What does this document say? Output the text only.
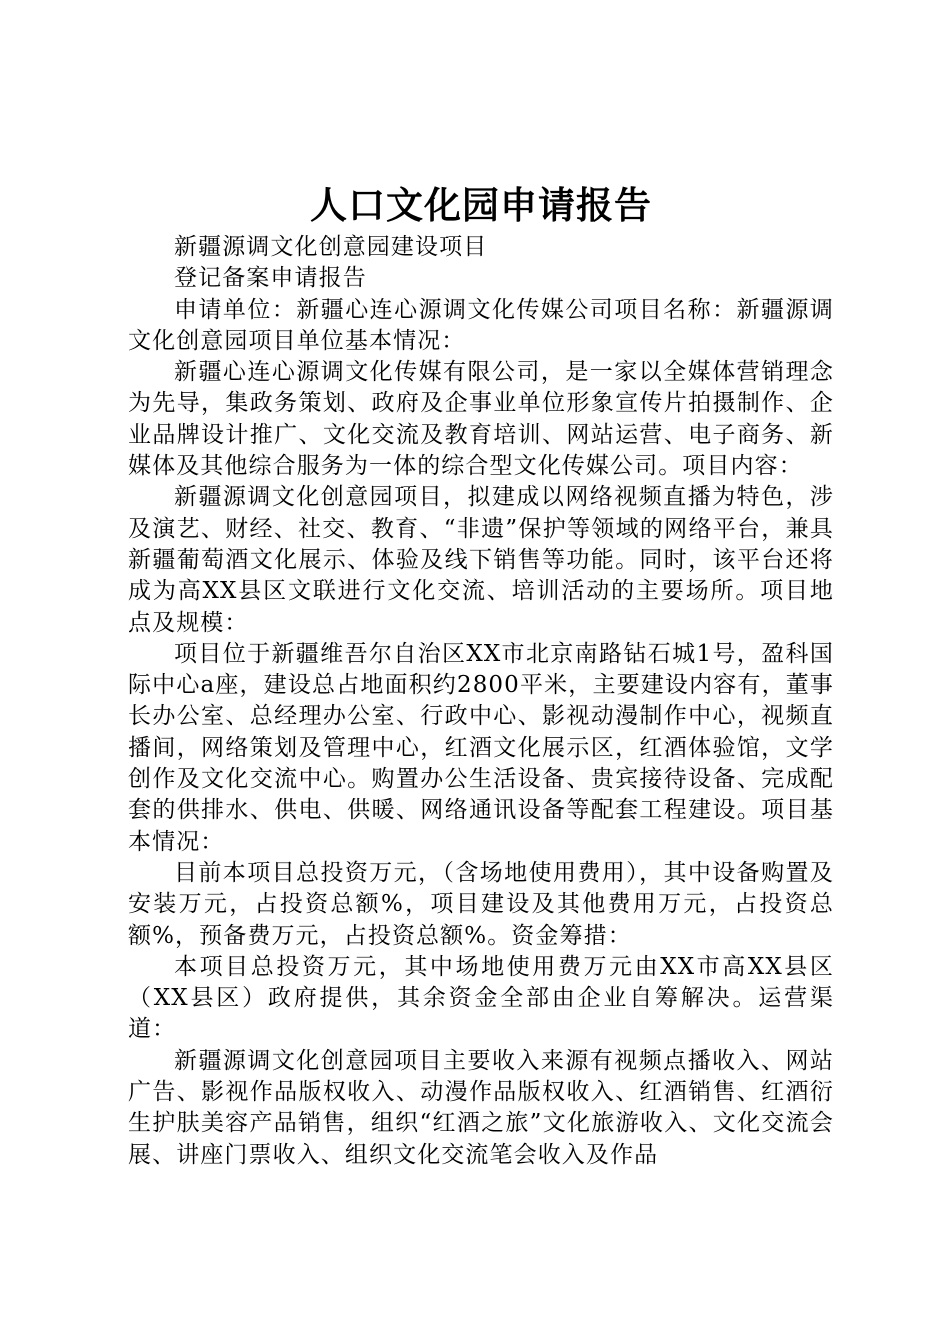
人口文化园申请报告

新疆源调文化创意园建设项目

登记备案申请报告

申请单位：新疆心连心源调文化传媒公司项目名称：新疆源调文化创意园项目单位基本情况：

新疆心连心源调文化传媒有限公司，是一家以全媒体营销理念为先导，集政务策划、政府及企事业单位形象宣传片拍摄制作、企业品牌设计推广、文化交流及教育培训、网站运营、电子商务、新媒体及其他综合服务为一体的综合型文化传媒公司。项目内容：

新疆源调文化创意园项目，拟建成以网络视频直播为特色，涉及演艺、财经、社交、教育、“非遗”保护等领域的网络平台，兼具新疆葡萄酒文化展示、体验及线下销售等功能。同时，该平台还将成为高XX县区文联进行文化交流、培训活动的主要场所。项目地点及规模：

项目位于新疆维吾尔自治区XX市北京南路钻石城1号，盈科国际中心a座，建设总占地面积约2800平米，主要建设内容有，董事长办公室、总经理办公室、行政中心、影视动漫制作中心，视频直播间，网络策划及管理中心，红酒文化展示区，红酒体验馆，文学创作及文化交流中心。购置办公生活设备、贵宾接待设备、完成配套的供排水、供电、供暖、网络通讯设备等配套工程建设。项目基本情况：

目前本项目总投资万元，（含场地使用费用），其中设备购置及安装万元，占投资总额%，项目建设及其他费用万元，占投资总额%，预备费万元，占投资总额%。资金筹措：

本项目总投资万元，其中场地使用费万元由XX市高XX县区（XX县区）政府提供，其余资金全部由企业自筹解决。运营渠道：

新疆源调文化创意园项目主要收入来源有视频点播收入、网站广告、影视作品版权收入、动漫作品版权收入、红酒销售、红酒衍生护肤美容产品销售，组织“红酒之旅”文化旅游收入、文化交流会展、讲座门票收入、组织文化交流笔会收入及作品
